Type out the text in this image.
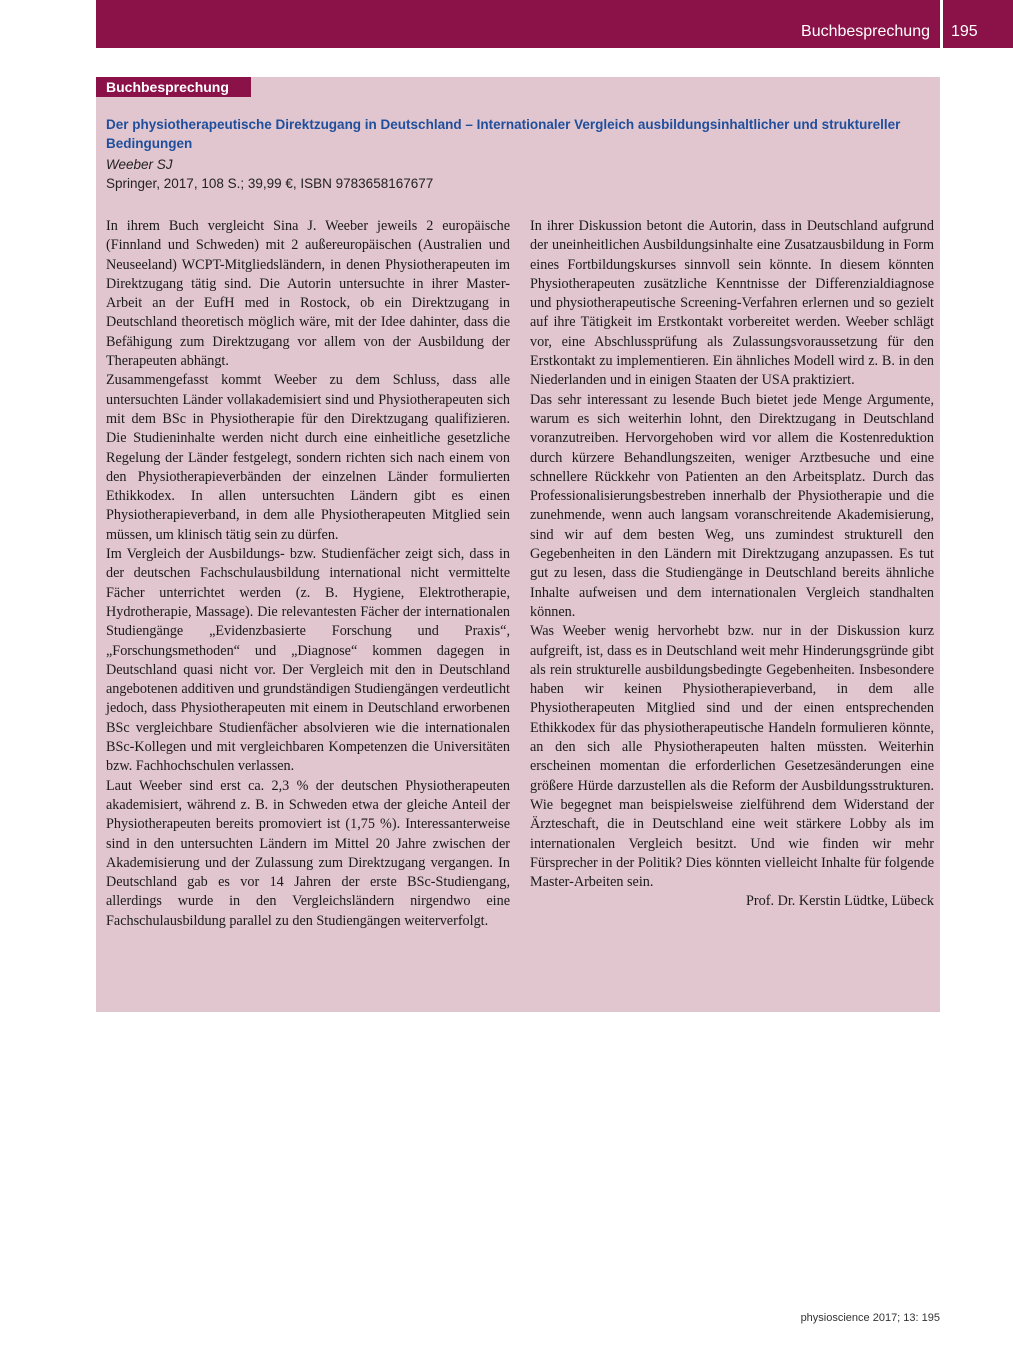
Buchbesprechung 195
Buchbesprechung
Der physiotherapeutische Direktzugang in Deutschland – Internationaler Vergleich ausbildungsinhaltlicher und struktureller Bedingungen
Weeber SJ
Springer, 2017, 108 S.; 39,99 €, ISBN 9783658167677

In ihrem Buch vergleicht Sina J. Weeber jeweils 2 europäische (Finnland und Schweden) mit 2 außereuropäischen (Australien und Neuseeland) WCPT-Mitgliedsländern, in denen Physiotherapeuten im Direktzugang tätig sind. Die Autorin untersuchte in ihrer Master-Arbeit an der EufH med in Rostock, ob ein Direktzugang in Deutschland theoretisch möglich wäre, mit der Idee dahinter, dass die Befähigung zum Direktzugang vor allem von der Ausbildung der Therapeuten abhängt.

Zusammengefasst kommt Weeber zu dem Schluss, dass alle untersuchten Länder vollakademisiert sind und Physiotherapeuten sich mit dem BSc in Physiotherapie für den Direktzugang qualifizieren. Die Studieninhalte werden nicht durch eine einheitliche gesetzliche Regelung der Länder festgelegt, sondern richten sich nach einem von den Physiotherapieverbänden der einzelnen Länder formulierten Ethikkodex. In allen untersuchten Ländern gibt es einen Physiotherapieverband, in dem alle Physiotherapeuten Mitglied sein müssen, um klinisch tätig sein zu dürfen.

Im Vergleich der Ausbildungs- bzw. Studienfächer zeigt sich, dass in der deutschen Fachschulausbildung international nicht vermittelte Fächer unterrichtet werden (z. B. Hygiene, Elektrotherapie, Hydrotherapie, Massage). Die relevantesten Fächer der internationalen Studiengänge „Evidenzbasierte Forschung und Praxis“, „Forschungsmethoden“ und „Diagnose“ kommen dagegen in Deutschland quasi nicht vor. Der Vergleich mit den in Deutschland angebotenen additiven und grundständigen Studiengängen verdeutlicht jedoch, dass Physiotherapeuten mit einem in Deutschland erworbenen BSc vergleichbare Studienfächer absolvieren wie die internationalen BSc-Kollegen und mit vergleichbaren Kompetenzen die Universitäten bzw. Fachhochschulen verlassen.

Laut Weeber sind erst ca. 2,3 % der deutschen Physiotherapeuten akademisiert, während z. B. in Schweden etwa der gleiche Anteil der Physiotherapeuten bereits promoviert ist (1,75 %). Interessanterweise sind in den untersuchten Ländern im Mittel 20 Jahre zwischen der Akademisierung und der Zulassung zum Direktzugang vergangen. In Deutschland gab es vor 14 Jahren der erste BSc-Studiengang, allerdings wurde in den Vergleichsländern nirgendwo eine Fachschulausbildung parallel zu den Studiengängen weiterverfolgt.

In ihrer Diskussion betont die Autorin, dass in Deutschland aufgrund der uneinheitlichen Ausbildungsinhalte eine Zusatzausbildung in Form eines Fortbildungskurses sinnvoll sein könnte. In diesem könnten Physiotherapeuten zusätzliche Kenntnisse der Differenzialdiagnose und physiotherapeutische Screening-Verfahren erlernen und so gezielt auf ihre Tätigkeit im Erstkontakt vorbereitet werden. Weeber schlägt vor, eine Abschlussprüfung als Zulassungsvoraussetzung für den Erstkontakt zu implementieren. Ein ähnliches Modell wird z. B. in den Niederlanden und in einigen Staaten der USA praktiziert.

Das sehr interessant zu lesende Buch bietet jede Menge Argumente, warum es sich weiterhin lohnt, den Direktzugang in Deutschland voranzutreiben. Hervorgehoben wird vor allem die Kostenreduktion durch kürzere Behandlungszeiten, weniger Arztbesuche und eine schnellere Rückkehr von Patienten an den Arbeitsplatz. Durch das Professionalisierungsbestreben innerhalb der Physiotherapie und die zunehmende, wenn auch langsam voranschreitende Akademisierung, sind wir auf dem besten Weg, uns zumindest strukturell den Gegebenheiten in den Ländern mit Direktzugang anzupassen. Es tut gut zu lesen, dass die Studiengänge in Deutschland bereits ähnliche Inhalte aufweisen und dem internationalen Vergleich standhalten können.

Was Weeber wenig hervorhebt bzw. nur in der Diskussion kurz aufgreift, ist, dass es in Deutschland weit mehr Hinderungsgründe gibt als rein strukturelle ausbildungsbedingte Gegebenheiten. Insbesondere haben wir keinen Physiotherapieverband, in dem alle Physiotherapeuten Mitglied sind und der einen entsprechenden Ethikkodex für das physiotherapeutische Handeln formulieren könnte, an den sich alle Physiotherapeuten halten müssten. Weiterhin erscheinen momentan die erforderlichen Gesetzesänderungen eine größere Hürde darzustellen als die Reform der Ausbildungsstrukturen. Wie begegnet man beispielsweise zielführend dem Widerstand der Ärzteschaft, die in Deutschland eine weit stärkere Lobby als im internationalen Vergleich besitzt. Und wie finden wir mehr Fürsprecher in der Politik? Dies könnten vielleicht Inhalte für folgende Master-Arbeiten sein.

Prof. Dr. Kerstin Lüdtke, Lübeck

physioscience 2017; 13: 195
